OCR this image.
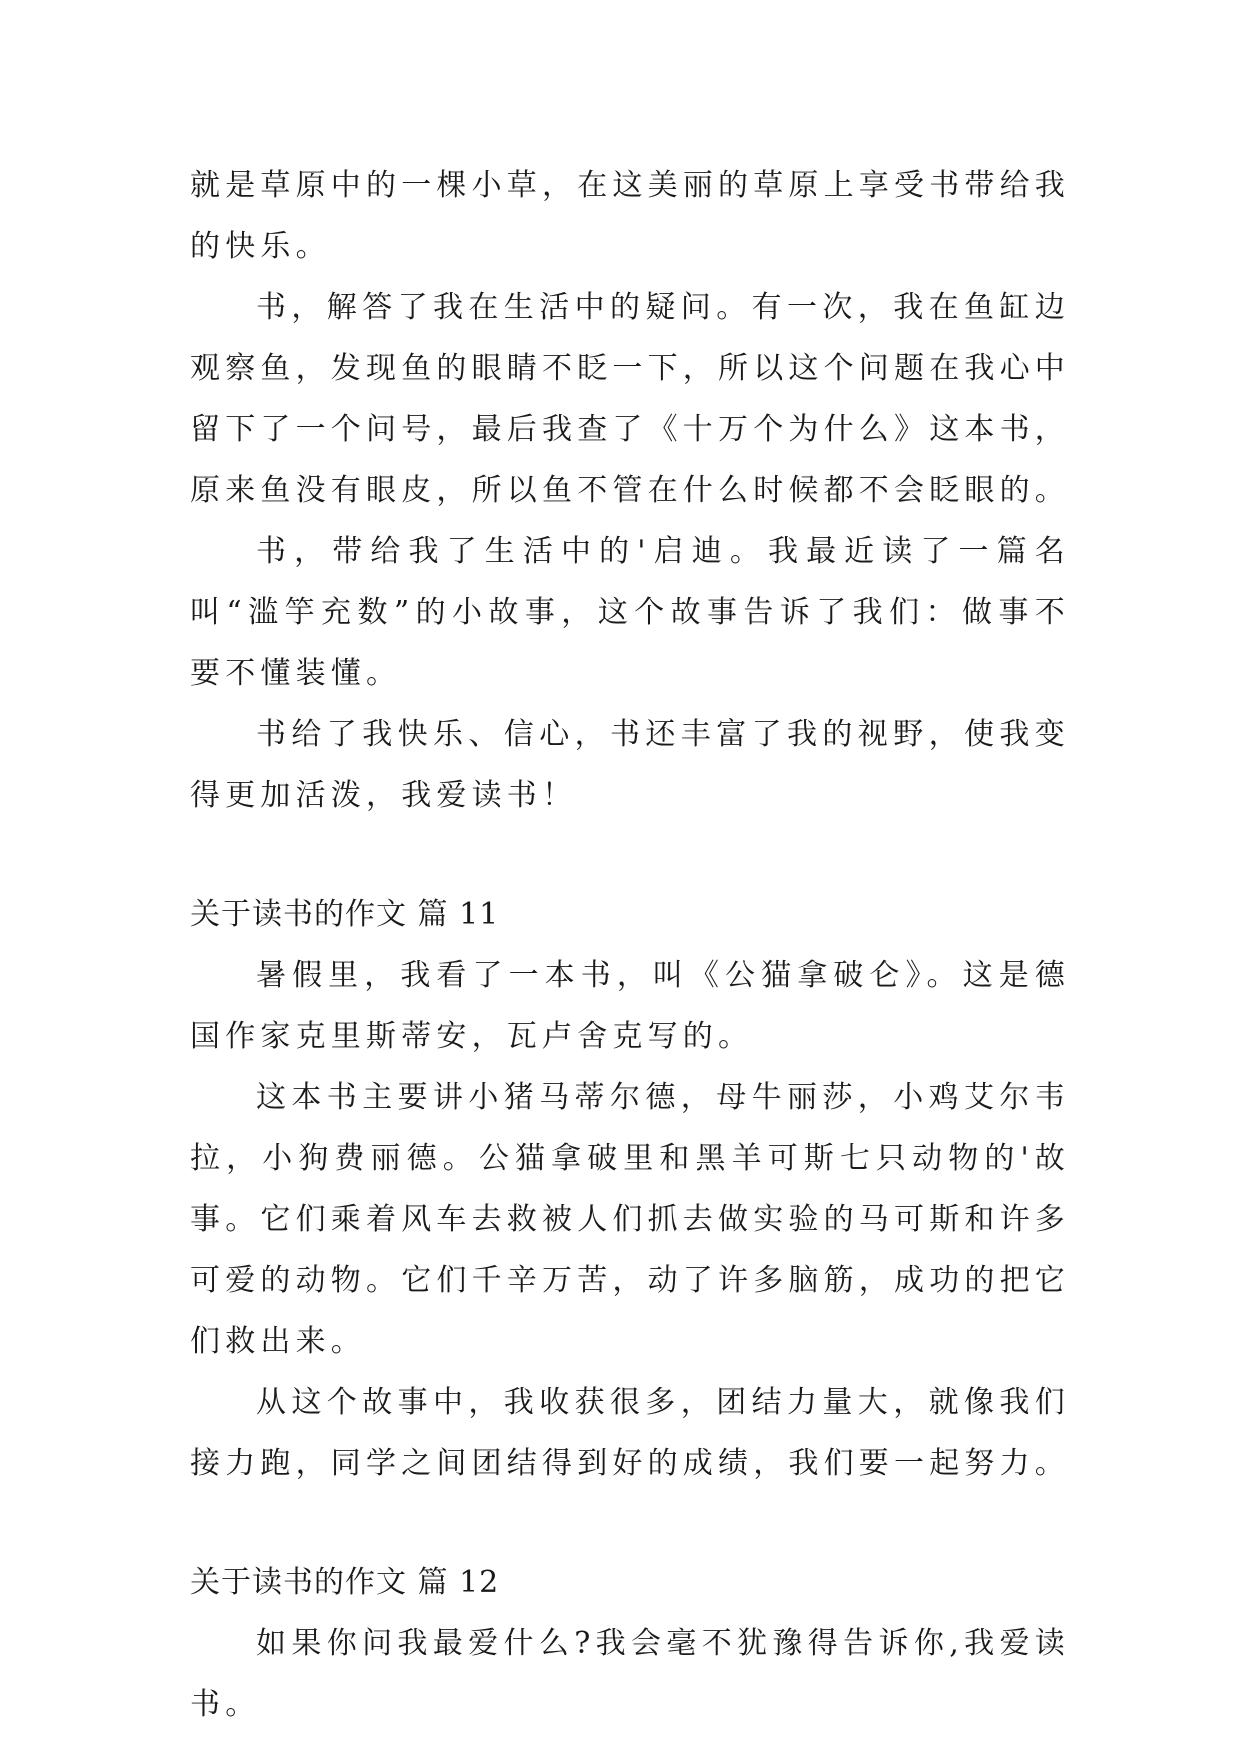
就是草原中的一棵小草，在这美丽的草原上享受书带给我的快乐。

书，解答了我在生活中的疑问。有一次，我在鱼缸边观察鱼，发现鱼的眼睛不眨一下，所以这个问题在我心中留下了一个问号，最后我查了《十万个为什么》这本书，原来鱼没有眼皮，所以鱼不管在什么时候都不会眨眼的。

书，带给我了生活中的'启迪。我最近读了一篇名叫“滥竽充数”的小故事，这个故事告诉了我们：做事不要不懂装懂。

书给了我快乐、信心，书还丰富了我的视野，使我变得更加活泼，我爱读书！

关于读书的作文 篇 11

暑假里，我看了一本书，叫《公猫拿破仑》。这是德国作家克里斯蒂安，瓦卢舍克写的。

这本书主要讲小猪马蒂尔德，母牛丽莎，小鸡艾尔韦拉，小狗费丽德。公猫拿破里和黑羊可斯七只动物的'故事。它们乘着风车去救被人们抓去做实验的马可斯和许多可爱的动物。它们千辛万苦，动了许多脑筋，成功的把它们救出来。

从这个故事中，我收获很多，团结力量大，就像我们接力跑，同学之间团结得到好的成绩，我们要一起努力。

关于读书的作文 篇 12

如果你问我最爱什么?我会毫不犹豫得告诉你,我爱读书。
